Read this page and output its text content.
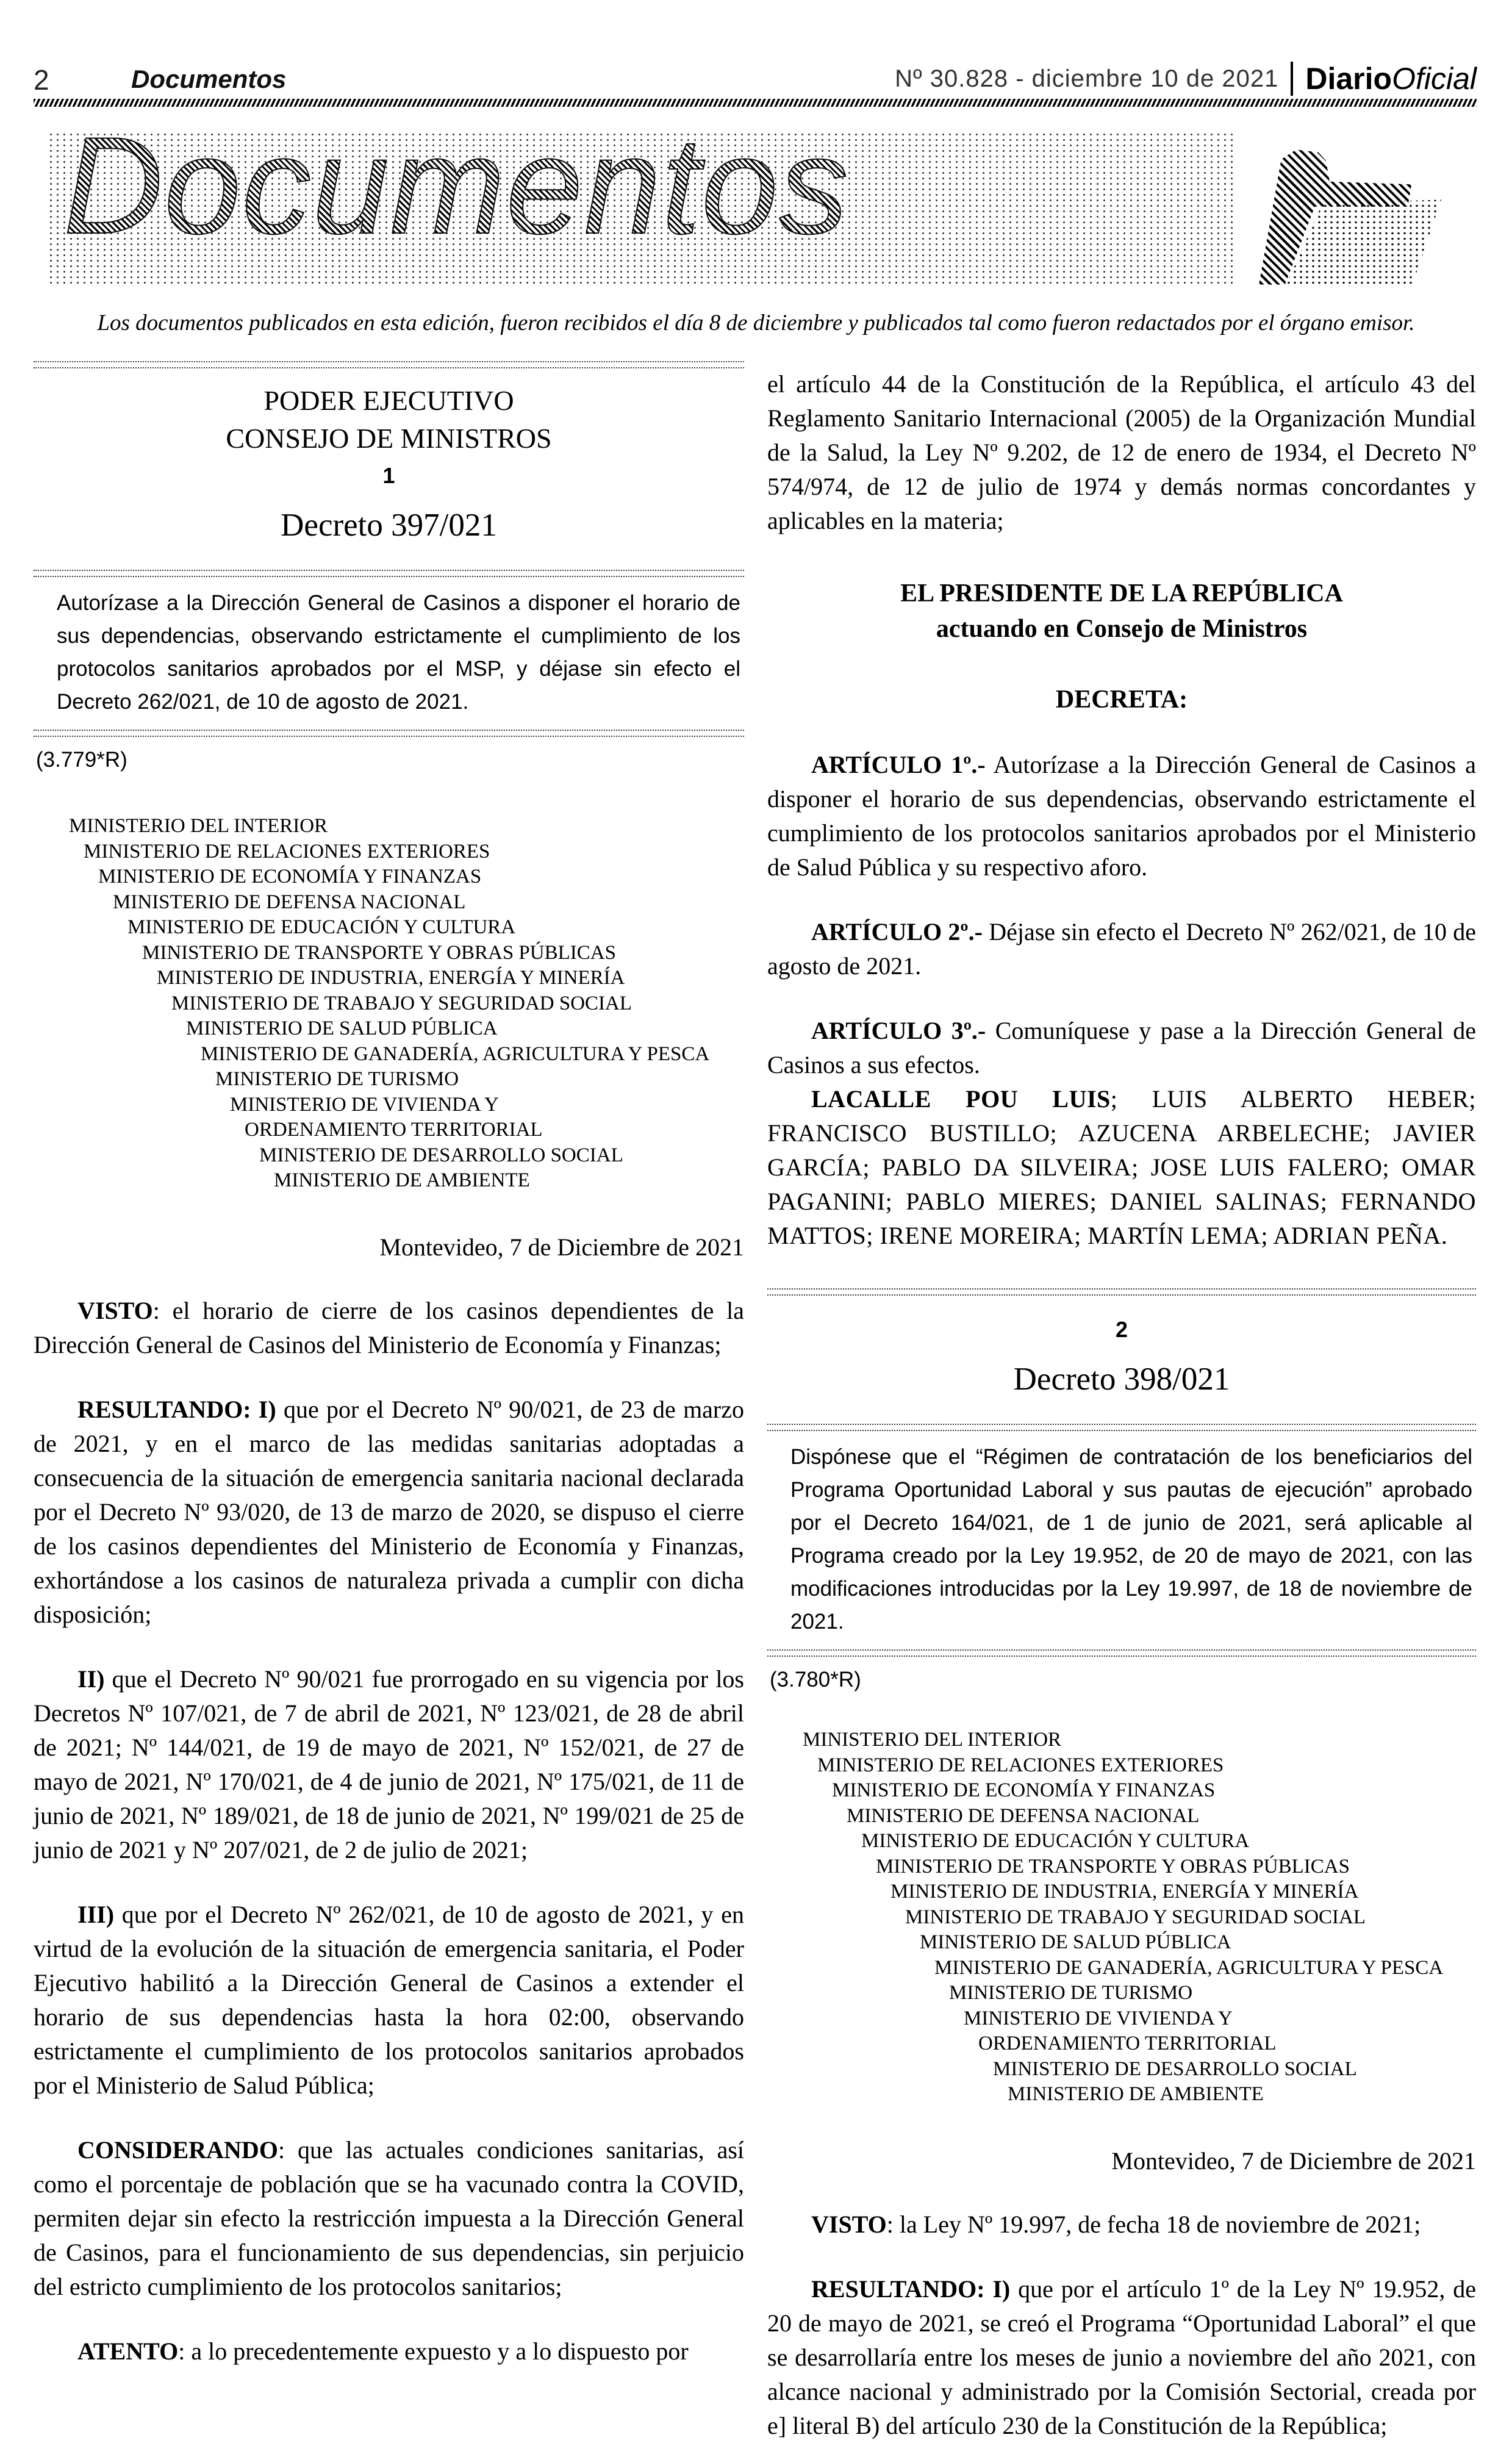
2	Documentos	Nº 30.828 - diciembre 10 de 2021 DiarioOficial
Documentos
Los documentos publicados en esta edición, fueron recibidos el día 8 de diciembre y publicados tal como fueron redactados por el órgano emisor.
PODER EJECUTIVO
CONSEJO DE MINISTROS
1
Decreto 397/021
Autorízase a la Dirección General de Casinos a disponer el horario de sus dependencias, observando estrictamente el cumplimiento de los protocolos sanitarios aprobados por el MSP, y déjase sin efecto el Decreto 262/021, de 10 de agosto de 2021.
(3.779*R)
MINISTERIO DEL INTERIOR
MINISTERIO DE RELACIONES EXTERIORES
MINISTERIO DE ECONOMÍA Y FINANZAS
MINISTERIO DE DEFENSA NACIONAL
MINISTERIO DE EDUCACIÓN Y CULTURA
MINISTERIO DE TRANSPORTE Y OBRAS PÚBLICAS
MINISTERIO DE INDUSTRIA, ENERGÍA Y MINERÍA
MINISTERIO DE TRABAJO Y SEGURIDAD SOCIAL
MINISTERIO DE SALUD PÚBLICA
MINISTERIO DE GANADERÍA, AGRICULTURA Y PESCA
MINISTERIO DE TURISMO
MINISTERIO DE VIVIENDA Y
ORDENAMIENTO TERRITORIAL
MINISTERIO DE DESARROLLO SOCIAL
MINISTERIO DE AMBIENTE
Montevideo, 7 de Diciembre de 2021

VISTO: el horario de cierre de los casinos dependientes de la Dirección General de Casinos del Ministerio de Economía y Finanzas;

RESULTANDO: I) que por el Decreto Nº 90/021, de 23 de marzo de 2021, y en el marco de las medidas sanitarias adoptadas a consecuencia de la situación de emergencia sanitaria nacional declarada por el Decreto Nº 93/020, de 13 de marzo de 2020, se dispuso el cierre de los casinos dependientes del Ministerio de Economía y Finanzas, exhortándose a los casinos de naturaleza privada a cumplir con dicha disposición;

II) que el Decreto Nº 90/021 fue prorrogado en su vigencia por los Decretos Nº 107/021, de 7 de abril de 2021, Nº 123/021, de 28 de abril de 2021; Nº 144/021, de 19 de mayo de 2021, Nº 152/021, de 27 de mayo de 2021, Nº 170/021, de 4 de junio de 2021, Nº 175/021, de 11 de junio de 2021, Nº 189/021, de 18 de junio de 2021, Nº 199/021 de 25 de junio de 2021 y Nº 207/021, de 2 de julio de 2021;

III) que por el Decreto Nº 262/021, de 10 de agosto de 2021, y en virtud de la evolución de la situación de emergencia sanitaria, el Poder Ejecutivo habilitó a la Dirección General de Casinos a extender el horario de sus dependencias hasta la hora 02:00, observando estrictamente el cumplimiento de los protocolos sanitarios aprobados por el Ministerio de Salud Pública;

CONSIDERANDO: que las actuales condiciones sanitarias, así como el porcentaje de población que se ha vacunado contra la COVID, permiten dejar sin efecto la restricción impuesta a la Dirección General de Casinos, para el funcionamiento de sus dependencias, sin perjuicio del estricto cumplimiento de los protocolos sanitarios;

ATENTO: a lo precedentemente expuesto y a lo dispuesto por

el artículo 44 de la Constitución de la República, el artículo 43 del Reglamento Sanitario Internacional (2005) de la Organización Mundial de la Salud, la Ley Nº 9.202, de 12 de enero de 1934, el Decreto Nº 574/974, de 12 de julio de 1974 y demás normas concordantes y aplicables en la materia;

EL PRESIDENTE DE LA REPÚBLICA
actuando en Consejo de Ministros
DECRETA:

ARTÍCULO 1º.- Autorízase a la Dirección General de Casinos a disponer el horario de sus dependencias, observando estrictamente el cumplimiento de los protocolos sanitarios aprobados por el Ministerio de Salud Pública y su respectivo aforo.

ARTÍCULO 2º.- Déjase sin efecto el Decreto Nº 262/021, de 10 de agosto de 2021.

ARTÍCULO 3º.- Comuníquese y pase a la Dirección General de Casinos a sus efectos.

LACALLE POU LUIS; LUIS ALBERTO HEBER; FRANCISCO BUSTILLO; AZUCENA ARBELECHE; JAVIER GARCÍA; PABLO DA SILVEIRA; JOSE LUIS FALERO; OMAR PAGANINI; PABLO MIERES; DANIEL SALINAS; FERNANDO MATTOS; IRENE MOREIRA; MARTÍN LEMA; ADRIAN PEÑA.

2
Decreto 398/021
Dispónese que el “Régimen de contratación de los beneficiarios del Programa Oportunidad Laboral y sus pautas de ejecución” aprobado por el Decreto 164/021, de 1 de junio de 2021, será aplicable al Programa creado por la Ley 19.952, de 20 de mayo de 2021, con las modificaciones introducidas por la Ley 19.997, de 18 de noviembre de 2021.
(3.780*R)
MINISTERIO DEL INTERIOR
MINISTERIO DE RELACIONES EXTERIORES
MINISTERIO DE ECONOMÍA Y FINANZAS
MINISTERIO DE DEFENSA NACIONAL
MINISTERIO DE EDUCACIÓN Y CULTURA
MINISTERIO DE TRANSPORTE Y OBRAS PÚBLICAS
MINISTERIO DE INDUSTRIA, ENERGÍA Y MINERÍA
MINISTERIO DE TRABAJO Y SEGURIDAD SOCIAL
MINISTERIO DE SALUD PÚBLICA
MINISTERIO DE GANADERÍA, AGRICULTURA Y PESCA
MINISTERIO DE TURISMO
MINISTERIO DE VIVIENDA Y
ORDENAMIENTO TERRITORIAL
MINISTERIO DE DESARROLLO SOCIAL
MINISTERIO DE AMBIENTE
Montevideo, 7 de Diciembre de 2021

VISTO: la Ley Nº 19.997, de fecha 18 de noviembre de 2021;

RESULTANDO: I) que por el artículo 1º de la Ley Nº 19.952, de 20 de mayo de 2021, se creó el Programa “Oportunidad Laboral” el que se desarrollaría entre los meses de junio a noviembre del año 2021, con alcance nacional y administrado por la Comisión Sectorial, creada por e] literal B) del artículo 230 de la Constitución de la República;
